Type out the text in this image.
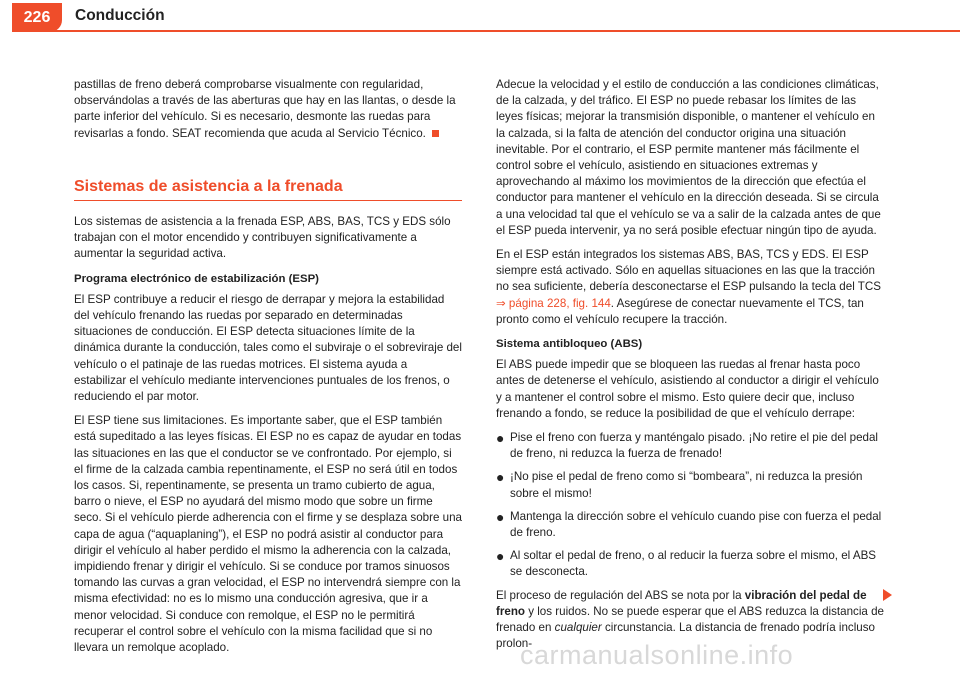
226	Conducción

pastillas de freno deberá comprobarse visualmente con regularidad, observándolas a través de las aberturas que hay en las llantas, o desde la parte inferior del vehículo. Si es necesario, desmonte las ruedas para revisarlas a fondo. SEAT recomienda que acuda al Servicio Técnico.

Sistemas de asistencia a la frenada

Los sistemas de asistencia a la frenada ESP, ABS, BAS, TCS y EDS sólo trabajan con el motor encendido y contribuyen significativamente a aumentar la seguridad activa.

Programa electrónico de estabilización (ESP)

El ESP contribuye a reducir el riesgo de derrapar y mejora la estabilidad del vehículo frenando las ruedas por separado en determinadas situaciones de conducción. El ESP detecta situaciones límite de la dinámica durante la conducción, tales como el subviraje o el sobreviraje del vehículo o el patinaje de las ruedas motrices. El sistema ayuda a estabilizar el vehículo mediante intervenciones puntuales de los frenos, o reduciendo el par motor.

El ESP tiene sus limitaciones. Es importante saber, que el ESP también está supeditado a las leyes físicas. El ESP no es capaz de ayudar en todas las situaciones en las que el conductor se ve confrontado. Por ejemplo, si el firme de la calzada cambia repentinamente, el ESP no será útil en todos los casos. Si, repentinamente, se presenta un tramo cubierto de agua, barro o nieve, el ESP no ayudará del mismo modo que sobre un firme seco. Si el vehículo pierde adherencia con el firme y se desplaza sobre una capa de agua (“aquaplaning”), el ESP no podrá asistir al conductor para dirigir el vehículo al haber perdido el mismo la adherencia con la calzada, impidiendo frenar y dirigir el vehículo. Si se conduce por tramos sinuosos tomando las curvas a gran velocidad, el ESP no intervendrá siempre con la misma efectividad: no es lo mismo una conducción agresiva, que ir a menor velocidad. Si conduce con remolque, el ESP no le permitirá recuperar el control sobre el vehículo con la misma facilidad que si no llevara un remolque acoplado.

Adecue la velocidad y el estilo de conducción a las condiciones climáticas, de la calzada, y del tráfico. El ESP no puede rebasar los límites de las leyes físicas; mejorar la transmisión disponible, o mantener el vehículo en la calzada, si la falta de atención del conductor origina una situación inevitable. Por el contrario, el ESP permite mantener más fácilmente el control sobre el vehículo, asistiendo en situaciones extremas y aprovechando al máximo los movimientos de la dirección que efectúa el conductor para mantener el vehículo en la dirección deseada. Si se circula a una velocidad tal que el vehículo se va a salir de la calzada antes de que el ESP pueda intervenir, ya no será posible efectuar ningún tipo de ayuda.

En el ESP están integrados los sistemas ABS, BAS, TCS y EDS. El ESP siempre está activado. Sólo en aquellas situaciones en las que la tracción no sea suficiente, debería desconectarse el ESP pulsando la tecla del TCS ⇒ página 228, fig. 144. Asegúrese de conectar nuevamente el TCS, tan pronto como el vehículo recupere la tracción.

Sistema antibloqueo (ABS)

El ABS puede impedir que se bloqueen las ruedas al frenar hasta poco antes de detenerse el vehículo, asistiendo al conductor a dirigir el vehículo y a mantener el control sobre el mismo. Esto quiere decir que, incluso frenando a fondo, se reduce la posibilidad de que el vehículo derrape:

● Pise el freno con fuerza y manténgalo pisado. ¡No retire el pie del pedal de freno, ni reduzca la fuerza de frenado!
● ¡No pise el pedal de freno como si “bombeara”, ni reduzca la presión sobre el mismo!
● Mantenga la dirección sobre el vehículo cuando pise con fuerza el pedal de freno.
● Al soltar el pedal de freno, o al reducir la fuerza sobre el mismo, el ABS se desconecta.

El proceso de regulación del ABS se nota por la vibración del pedal de freno y los ruidos. No se puede esperar que el ABS reduzca la distancia de frenado en cualquier circunstancia. La distancia de frenado podría incluso prolon-

carmanualsonline.info
